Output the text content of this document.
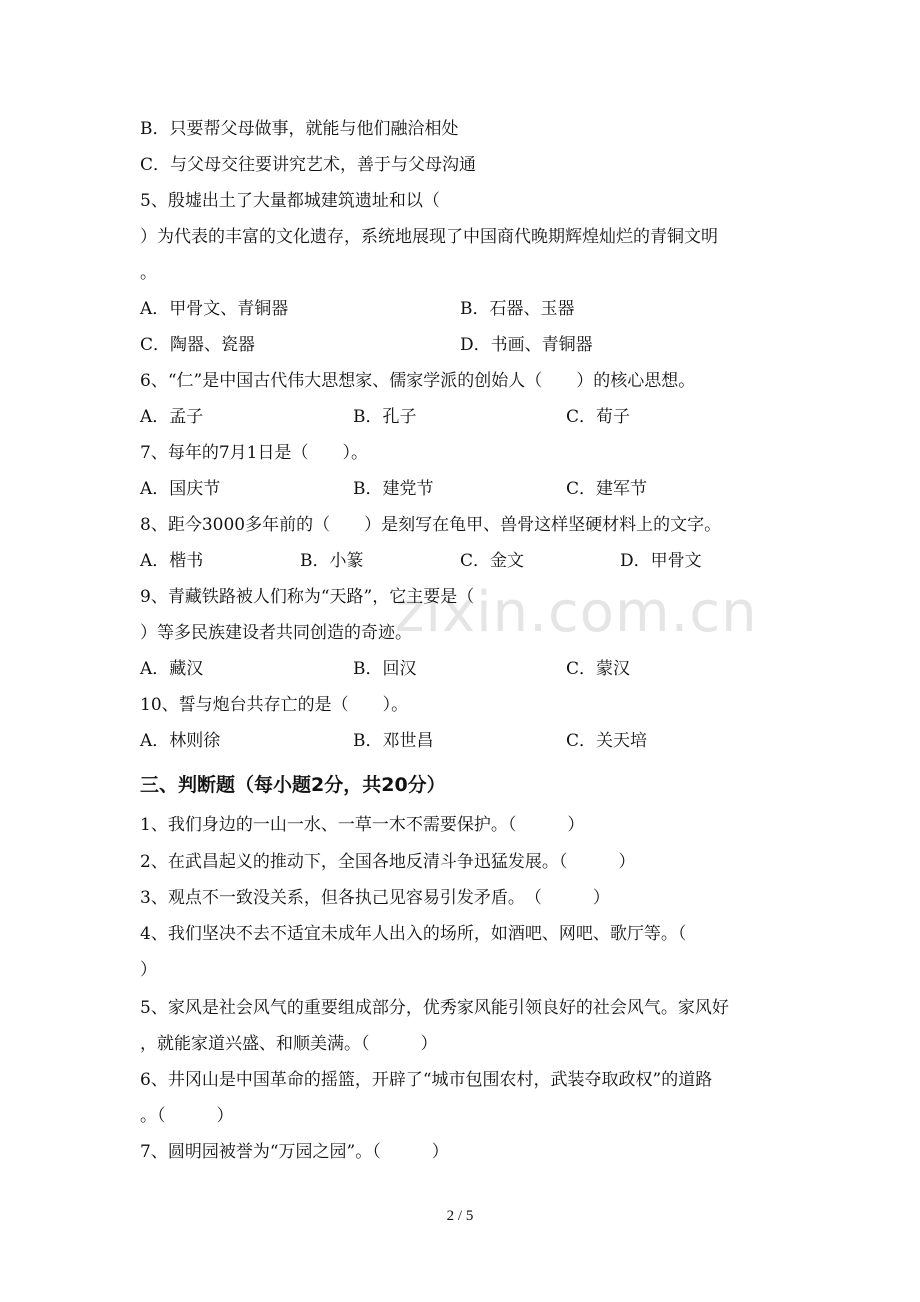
zixin.com.cn
B．只要帮父母做事，就能与他们融洽相处
C．与父母交往要讲究艺术，善于与父母沟通
5、殷墟出土了大量都城建筑遗址和以（
）为代表的丰富的文化遗存，系统地展现了中国商代晚期辉煌灿烂的青铜文明
。
A．甲骨文、青铜器	B．石器、玉器
C．陶器、瓷器	D．书画、青铜器
6、“仁”是中国古代伟大思想家、儒家学派的创始人（　　）的核心思想。
A．孟子	B．孔子	C．荀子
7、每年的7月1日是（　　）。
A．国庆节	B．建党节	C．建军节
8、距今3000多年前的（　　）是刻写在龟甲、兽骨这样坚硬材料上的文字。
A．楷书	B．小篆	C．金文	D．甲骨文
9、青藏铁路被人们称为“天路”，它主要是（
）等多民族建设者共同创造的奇迹。
A．藏汉	B．回汉	C．蒙汉
10、誓与炮台共存亡的是（　　）。
A．林则徐	B．邓世昌	C．关天培
三、判断题（每小题2分，共20分）
1、我们身边的一山一水、一草一木不需要保护。（　　　）
2、在武昌起义的推动下，全国各地反清斗争迅猛发展。（　　　）
3、观点不一致没关系，但各执己见容易引发矛盾。　（　　　）
4、我们坚决不去不适宜未成年人出入的场所，如酒吧、网吧、歌厅等。（
）
5、家风是社会风气的重要组成部分，优秀家风能引领良好的社会风气。家风好
，就能家道兴盛、和顺美满。（　　　）
6、井冈山是中国革命的摇篮，开辟了“城市包围农村，武装夺取政权”的道路
。（　　　）
7、圆明园被誉为“万园之园”。（　　　）
2 / 5
